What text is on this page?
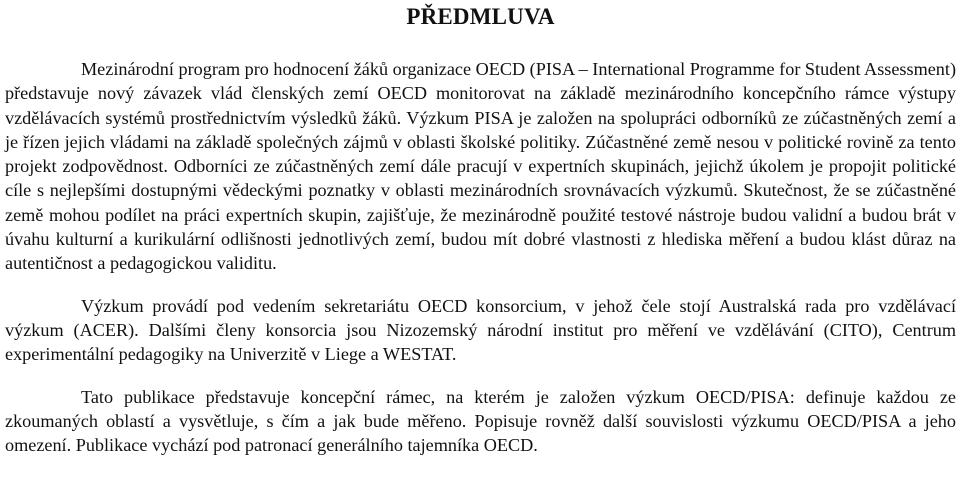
PŘEDMLUVA

Mezinárodní program pro hodnocení žáků organizace OECD (PISA – International Programme for Student Assessment) představuje nový závazek vlád členských zemí OECD monitorovat na základě mezinárodního koncepčního rámce výstupy vzdělávacích systémů prostřednictvím výsledků žáků. Výzkum PISA je založen na spolupráci odborníků ze zúčastněných zemí a je řízen jejich vládami na základě společných zájmů v oblasti školské politiky. Zúčastněné země nesou v politické rovině za tento projekt zodpovědnost. Odborníci ze zúčastněných zemí dále pracují v expertních skupinách, jejichž úkolem je propojit politické cíle s nejlepšími dostupnými vědeckými poznatky v oblasti mezinárodních srovnávacích výzkumů. Skutečnost, že se zúčastněné země mohou podílet na práci expertních skupin, zajišťuje, že mezinárodně použité testové nástroje budou validní a budou brát v úvahu kulturní a kurikulární odlišnosti jednotlivých zemí, budou mít dobré vlastnosti z hlediska měření a budou klást důraz na autentičnost a pedagogickou validitu.

Výzkum provádí pod vedením sekretariátu OECD konsorcium, v jehož čele stojí Australská rada pro vzdělávací výzkum (ACER). Dalšími členy konsorcia jsou Nizozemský národní institut pro měření ve vzdělávání (CITO), Centrum experimentální pedagogiky na Univerzitě v Liege a WESTAT.

Tato publikace představuje koncepční rámec, na kterém je založen výzkum OECD/PISA: definuje každou ze zkoumaných oblastí a vysvětluje, s čím a jak bude měřeno. Popisuje rovněž další souvislosti výzkumu OECD/PISA a jeho omezení. Publikace vychází pod patronací generálního tajemníka OECD.
